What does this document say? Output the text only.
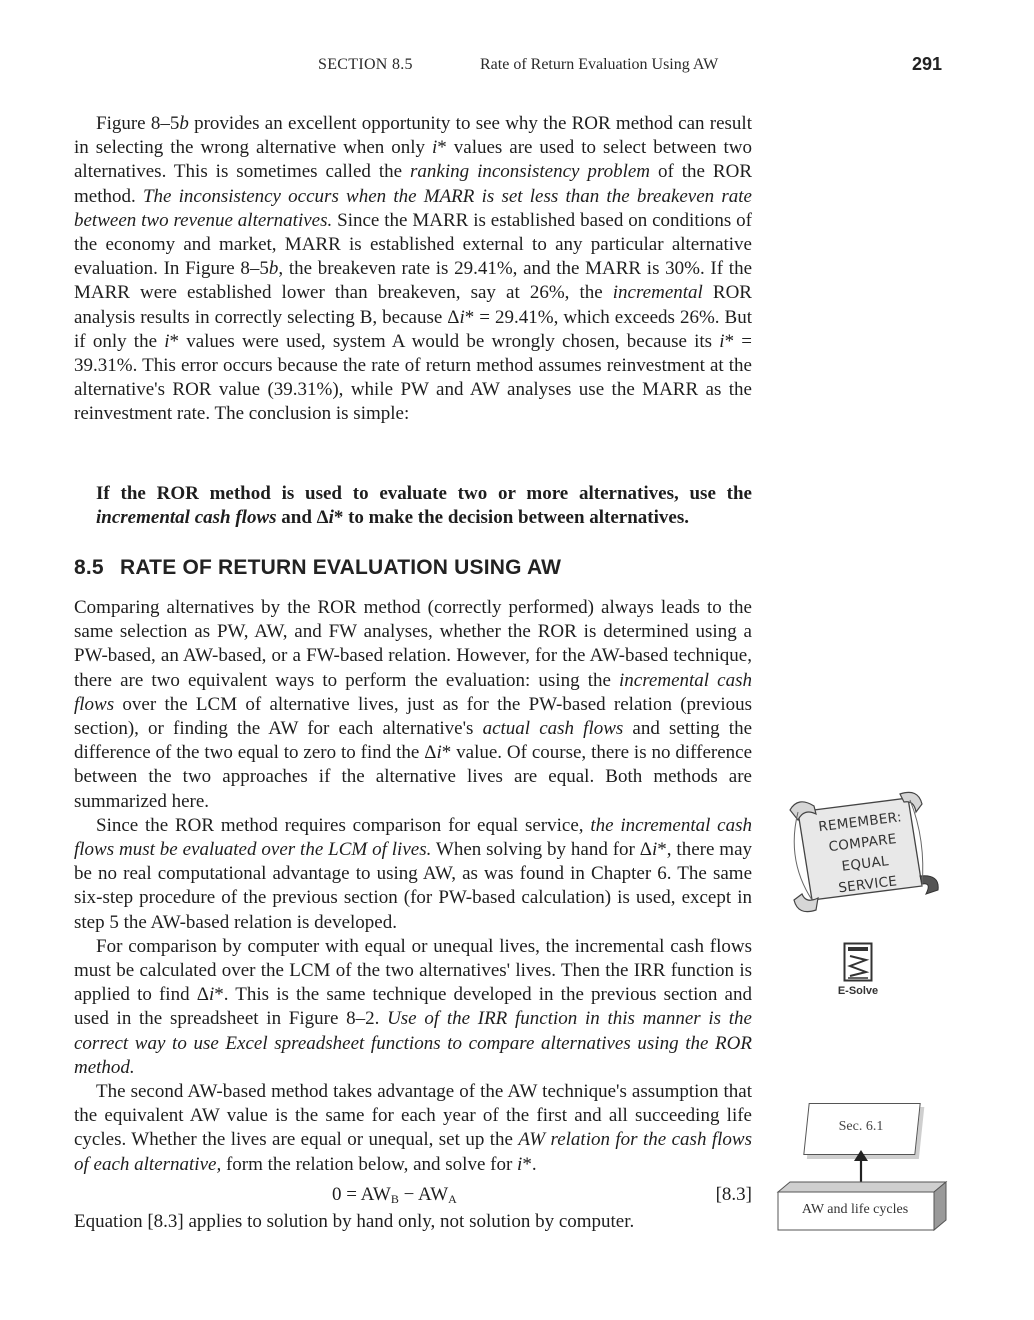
SECTION 8.5	Rate of Return Evaluation Using AW	291

Figure 8–5b provides an excellent opportunity to see why the ROR method can result in selecting the wrong alternative when only i* values are used to select between two alternatives. This is sometimes called the ranking inconsistency problem of the ROR method. The inconsistency occurs when the MARR is set less than the breakeven rate between two revenue alternatives. Since the MARR is established based on conditions of the economy and market, MARR is established external to any particular alternative evaluation. In Figure 8–5b, the breakeven rate is 29.41%, and the MARR is 30%. If the MARR were established lower than breakeven, say at 26%, the incremental ROR analysis results in correctly selecting B, because Δi* = 29.41%, which exceeds 26%. But if only the i* values were used, system A would be wrongly chosen, because its i* = 39.31%. This error occurs because the rate of return method assumes reinvestment at the alternative's ROR value (39.31%), while PW and AW analyses use the MARR as the reinvestment rate. The conclusion is simple:

If the ROR method is used to evaluate two or more alternatives, use the incremental cash flows and Δi* to make the decision between alternatives.
8.5 RATE OF RETURN EVALUATION USING AW

Comparing alternatives by the ROR method (correctly performed) always leads to the same selection as PW, AW, and FW analyses, whether the ROR is determined using a PW-based, an AW-based, or a FW-based relation. However, for the AW-based technique, there are two equivalent ways to perform the evaluation: using the incremental cash flows over the LCM of alternative lives, just as for the PW-based relation (previous section), or finding the AW for each alternative's actual cash flows and setting the difference of the two equal to zero to find the Δi* value. Of course, there is no difference between the two approaches if the alternative lives are equal. Both methods are summarized here.

Since the ROR method requires comparison for equal service, the incremental cash flows must be evaluated over the LCM of lives. When solving by hand for Δi*, there may be no real computational advantage to using AW, as was found in Chapter 6. The same six-step procedure of the previous section (for PW-based calculation) is used, except in step 5 the AW-based relation is developed.

For comparison by computer with equal or unequal lives, the incremental cash flows must be calculated over the LCM of the two alternatives' lives. Then the IRR function is applied to find Δi*. This is the same technique developed in the previous section and used in the spreadsheet in Figure 8–2. Use of the IRR function in this manner is the correct way to use Excel spreadsheet functions to compare alternatives using the ROR method.

The second AW-based method takes advantage of the AW technique's assumption that the equivalent AW value is the same for each year of the first and all succeeding life cycles. Whether the lives are equal or unequal, set up the AW relation for the cash flows of each alternative, form the relation below, and solve for i*.

$0 = AW_B - AW_A$	[8.3]
Equation [8.3] applies to solution by hand only, not solution by computer.
REMEMBER:
COMPARE
EQUAL
SERVICE
E-Solve
Sec. 6.1
AW and life cycles
